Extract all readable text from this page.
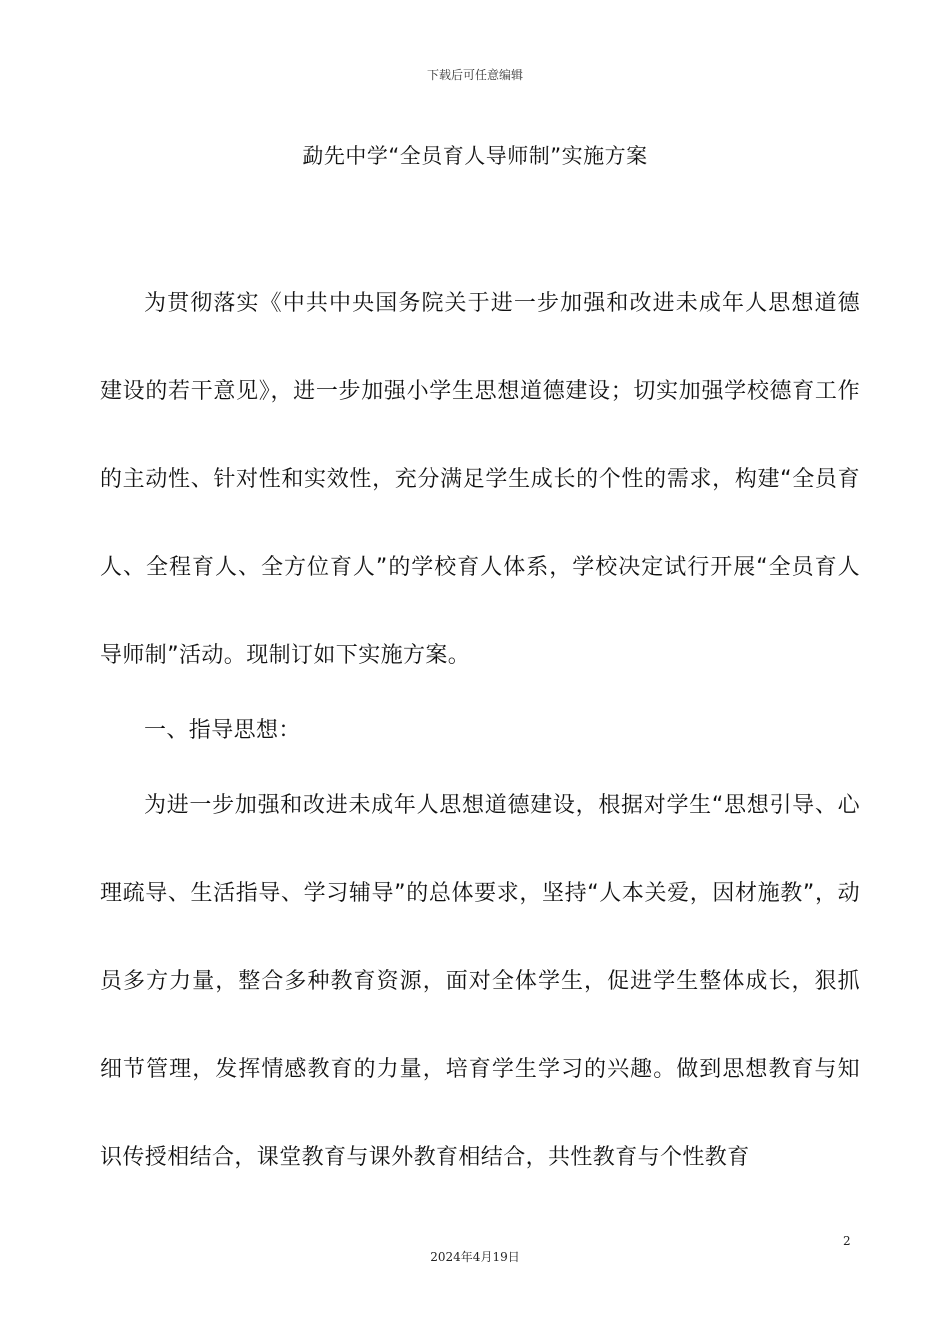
下载后可任意编辑
勐先中学“全员育人导师制”实施方案

为贯彻落实《中共中央国务院关于进一步加强和改进未成年人思想道德建设的若干意见》，进一步加强小学生思想道德建设；切实加强学校德育工作的主动性、针对性和实效性，充分满足学生成长的个性的需求，构建“全员育人、全程育人、全方位育人”的学校育人体系，学校决定试行开展“全员育人导师制”活动。现制订如下实施方案。

一、指导思想：

为进一步加强和改进未成年人思想道德建设，根据对学生“思想引导、心理疏导、生活指导、学习辅导”的总体要求，坚持“人本关爱，因材施教”，动员多方力量，整合多种教育资源，面对全体学生，促进学生整体成长，狠抓细节管理，发挥情感教育的力量，培育学生学习的兴趣。做到思想教育与知识传授相结合，课堂教育与课外教育相结合，共性教育与个性教育

2
2024年4月19日
